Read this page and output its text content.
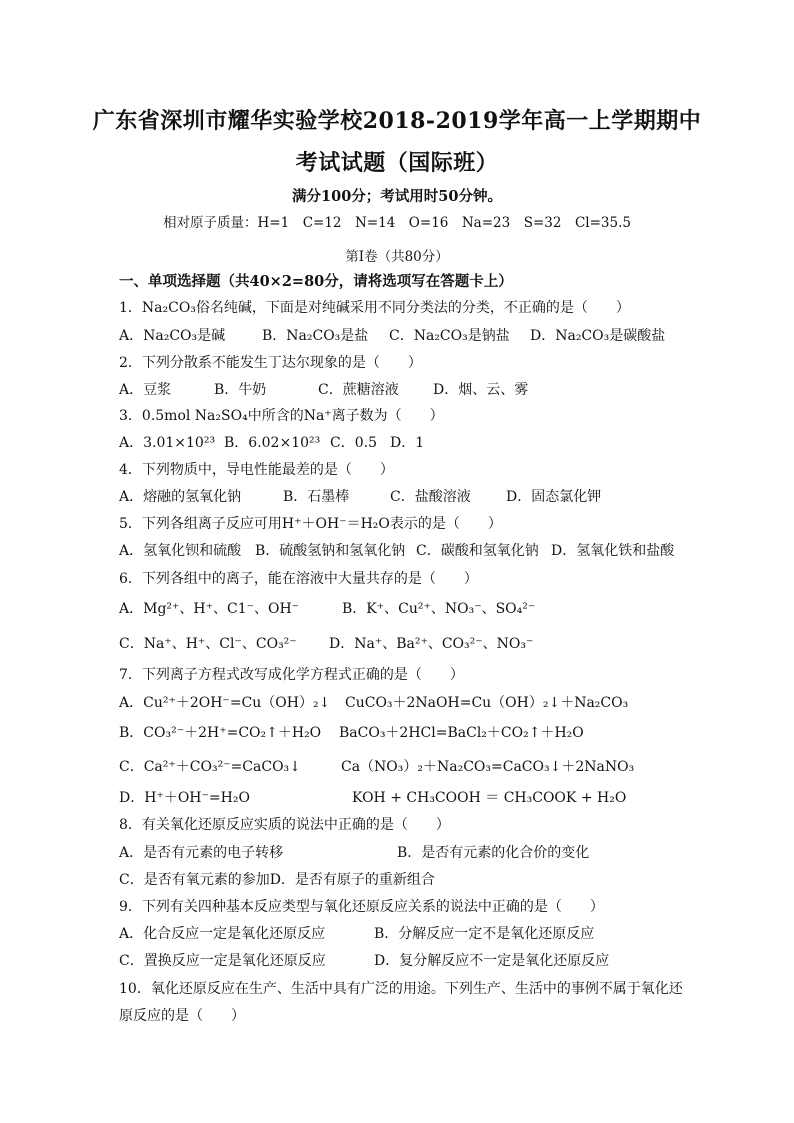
广东省深圳市耀华实验学校2018-2019学年高一上学期期中
考试试题（国际班）
满分100分；考试用时50分钟。
相对原子质量：H=1　C=12　N=14　O=16　Na=23　S=32　Cl=35.5
第Ⅰ卷（共80分）
一、单项选择题（共40×2=80分，请将选项写在答题卡上）
1．Na₂CO₃俗名纯碱，下面是对纯碱采用不同分类法的分类，不正确的是（　　）
A．Na₂CO₃是碱	B．Na₂CO₃是盐 C．Na₂CO₃是钠盐 D．Na₂CO₃是碳酸盐
2．下列分散系不能发生丁达尔现象的是（　　）
A．豆浆	B．牛奶	C．蔗糖溶液 D．烟、云、雾
3．0.5mol Na₂SO₄中所含的Na⁺离子数为（　　）
A．3.01×10²³ B．6.02×10²³ C．0.5 D．1
4．下列物质中，导电性能最差的是（　　）
A．熔融的氢氧化钠	B．石墨棒	C．盐酸溶液	D．固态氯化钾
5．下列各组离子反应可用H⁺＋OH⁻＝H₂O表示的是（　　）
A．氢氧化钡和硫酸 B．硫酸氢钠和氢氧化钠 C．碳酸和氢氧化钠 D．氢氧化铁和盐酸
6．下列各组中的离子，能在溶液中大量共存的是（　　）
A．Mg²⁺、H⁺、C1⁻、OH⁻	B．K⁺、Cu²⁺、NO₃⁻、SO₄²⁻
C．Na⁺、H⁺、Cl⁻、CO₃²⁻ D．Na⁺、Ba²⁺、CO₃²⁻、NO₃⁻
7．下列离子方程式改写成化学方程式正确的是（　　）
A．Cu²⁺＋2OH⁻=Cu（OH）₂↓ CuCO₃＋2NaOH=Cu（OH）₂↓＋Na₂CO₃
B．CO₃²⁻＋2H⁺=CO₂↑＋H₂O BaCO₃＋2HCl=BaCl₂＋CO₂↑＋H₂O
C．Ca²⁺＋CO₃²⁻=CaCO₃↓	Ca（NO₃）₂＋Na₂CO₃=CaCO₃↓＋2NaNO₃
D．H⁺＋OH⁻=H₂O	KOH + CH₃COOH ＝ CH₃COOK + H₂O
8．有关氧化还原反应实质的说法中正确的是（　　）
A．是否有元素的电子转移	B．是否有元素的化合价的变化
C．是否有氧元素的参加D．是否有原子的重新组合
9．下列有关四种基本反应类型与氧化还原反应关系的说法中正确的是（　　）
A．化合反应一定是氧化还原反应	B．分解反应一定不是氧化还原反应
C．置换反应一定是氧化还原反应	D．复分解反应不一定是氧化还原反应
10．氧化还原反应在生产、生活中具有广泛的用途。下列生产、生活中的事例不属于氧化还
原反应的是（　　）
